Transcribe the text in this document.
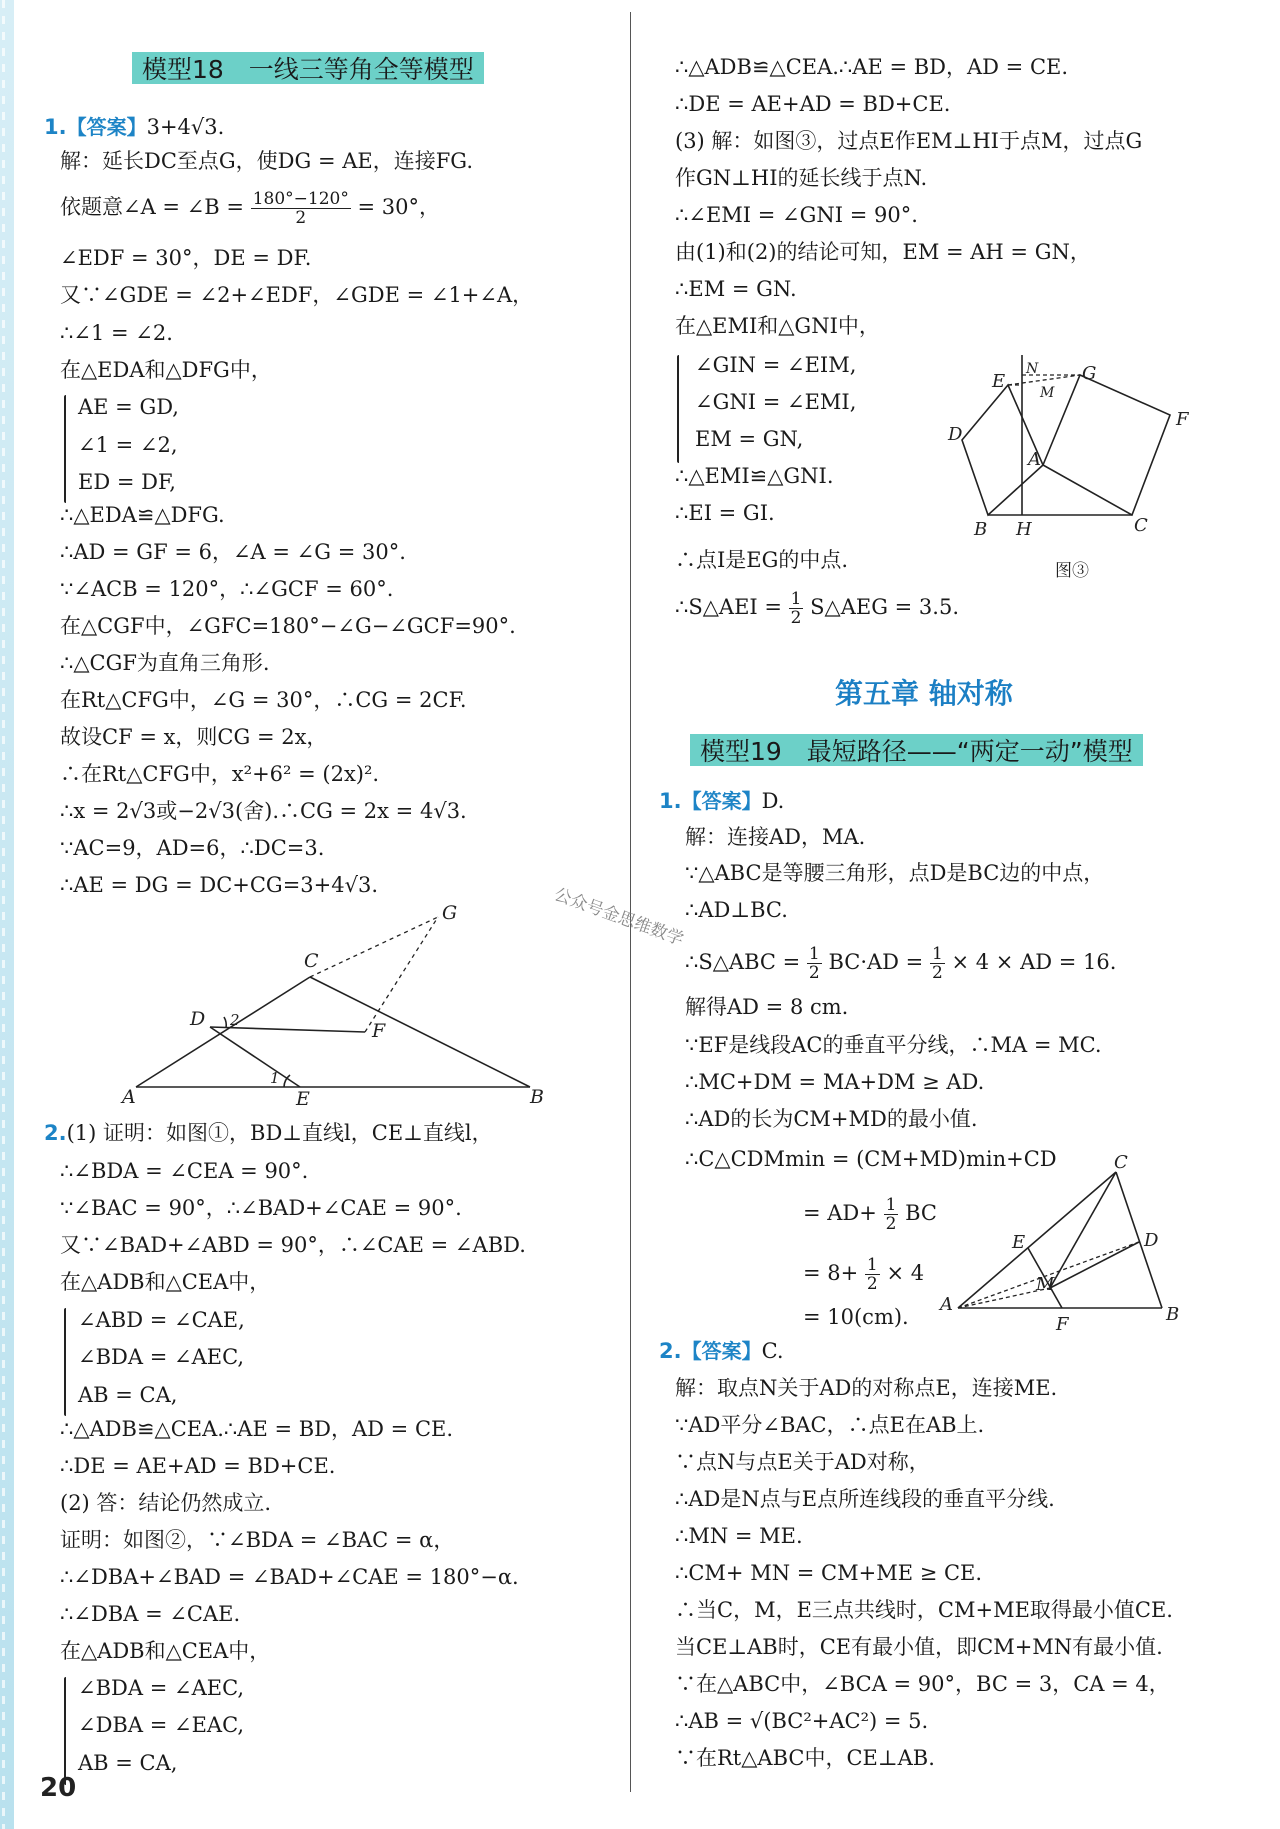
模型18　一线三等角全等模型
1.【答案】3+4√3.
解：延长DC至点G，使DG = AE，连接FG.
依题意∠A = ∠B = $\frac{180^\circ-120^\circ}{2} = 30^\circ$，
∠EDF = 30°，DE = DF.
又∵∠GDE = ∠2+∠EDF，∠GDE = ∠1+∠A，
∴∠1 = ∠2.
在△EDA和△DFG中，
AE = GD,
∠1 = ∠2,
ED = DF,
∴△EDA≌△DFG.
∴AD = GF = 6，∠A = ∠G = 30°.
∵∠ACB = 120°，∴∠GCF = 60°.
在△CGF中，∠GFC=180°−∠G−∠GCF=90°.
∴△CGF为直角三角形.
在Rt△CFG中，∠G = 30°，∴CG = 2CF.
故设CF = x，则CG = 2x，
∴在Rt△CFG中，x²+6² = (2x)².
∴x = 2√3或−2√3(舍).∴CG = 2x = 4√3.
∵AC=9，AD=6，∴DC=3.
∴AE = DG = DC+CG=3+4√3.
A	B
C
D
E
F
G
1
2
2.(1) 证明：如图①，BD⊥直线l，CE⊥直线l，
∴∠BDA = ∠CEA = 90°.
∵∠BAC = 90°，∴∠BAD+∠CAE = 90°.
又∵∠BAD+∠ABD = 90°，∴∠CAE = ∠ABD.
在△ADB和△CEA中，
∠ABD = ∠CAE,
∠BDA = ∠AEC,
AB = CA,
∴△ADB≌△CEA.∴AE = BD，AD = CE.
∴DE = AE+AD = BD+CE.
(2) 答：结论仍然成立.
证明：如图②，∵∠BDA = ∠BAC = α，
∴∠DBA+∠BAD = ∠BAD+∠CAE = 180°−α.
∴∠DBA = ∠CAE.
在△ADB和△CEA中，
∠BDA = ∠AEC,
∠DBA = ∠EAC,
AB = CA,
∴△ADB≌△CEA.∴AE = BD，AD = CE.
∴DE = AE+AD = BD+CE.
(3) 解：如图③，过点E作EM⊥HI于点M，过点G
作GN⊥HI的延长线于点N.
∴∠EMI = ∠GNI = 90°.
由(1)和(2)的结论可知，EM = AH = GN，
∴EM = GN.
在△EMI和△GNI中，
∠GIN = ∠EIM,
∠GNI = ∠EMI,
EM = GN,
∴△EMI≌△GNI.
∴EI = GI.
∴点I是EG的中点.
∴S△AEI = $\frac{1}{2}$ S△AEG = 3.5.
E
N G
M
D
F
A
B H	C
图③
第五章 轴对称
模型19　最短路径——“两定一动”模型
1.【答案】D.
解：连接AD，MA.
∵△ABC是等腰三角形，点D是BC边的中点，
∴AD⊥BC.
∴S△ABC = $\frac{1}{2} BC\cdot AD = \frac{1}{2} \times 4$ × AD = 16.
解得AD = 8 cm.
∵EF是线段AC的垂直平分线，∴MA = MC.
∴MC+DM = MA+DM ≥ AD.
∴AD的长为CM+MD的最小值.
∴C△CDMmin = (CM+MD)min+CD
= $AD+ \frac{1}{2}$ BC
= $8+ \frac{1}{2} \times 4$
= 10(cm).
C
E	D
M
A
F	B
2.【答案】C.
解：取点N关于AD的对称点E，连接ME.
∵AD平分∠BAC，∴点E在AB上.
∵点N与点E关于AD对称，
∴AD是N点与E点所连线段的垂直平分线.
∴MN = ME.
∴CM+ MN = CM+ME ≥ CE.
∴当C，M，E三点共线时，CM+ME取得最小值CE.
当CE⊥AB时，CE有最小值，即CM+MN有最小值.
∵在△ABC中，∠BCA = 90°，BC = 3，CA = 4，
∴AB = √(BC²+AC²) = 5.
∵在Rt△ABC中，CE⊥AB.
公众号金思维数学
20
